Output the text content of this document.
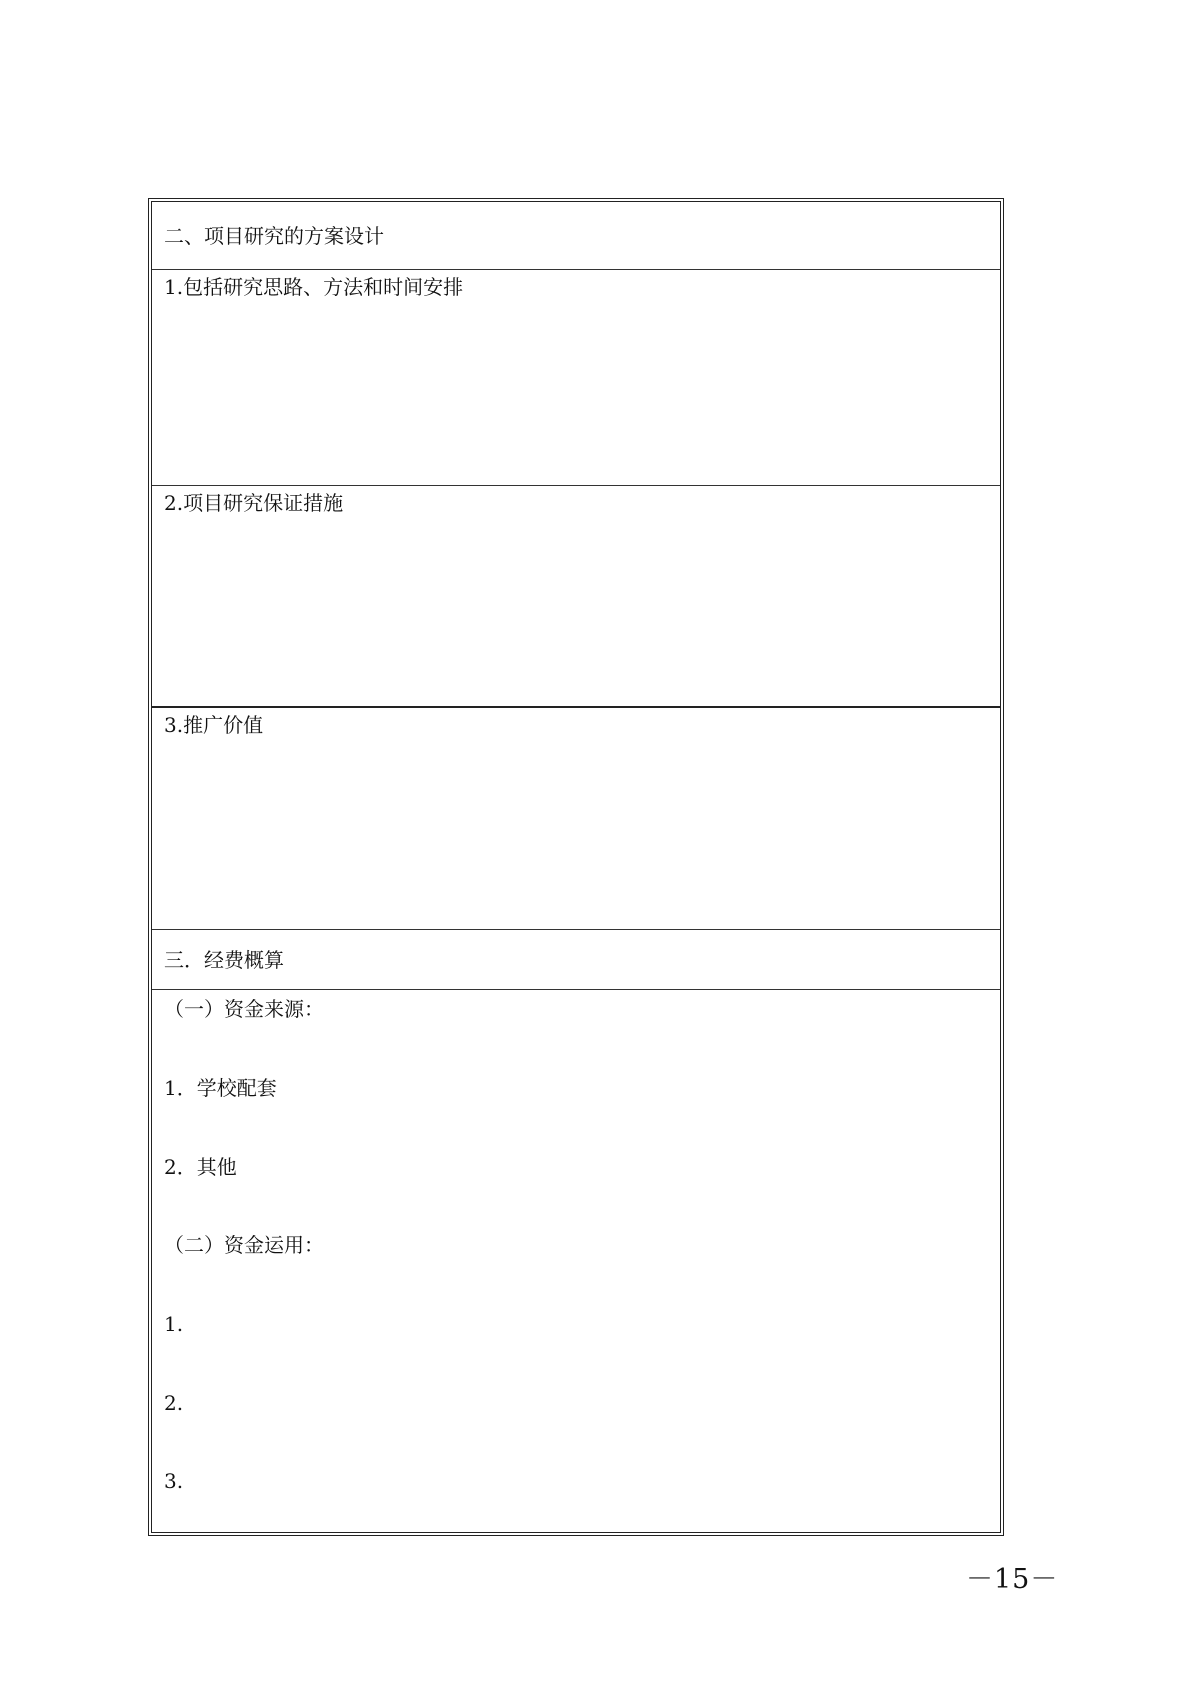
二、项目研究的方案设计
1.包括研究思路、方法和时间安排
2.项目研究保证措施
3.推广价值
三．经费概算
（一）资金来源：
1．学校配套
2．其他
（二）资金运用：
1.
2.
3.
－15－
